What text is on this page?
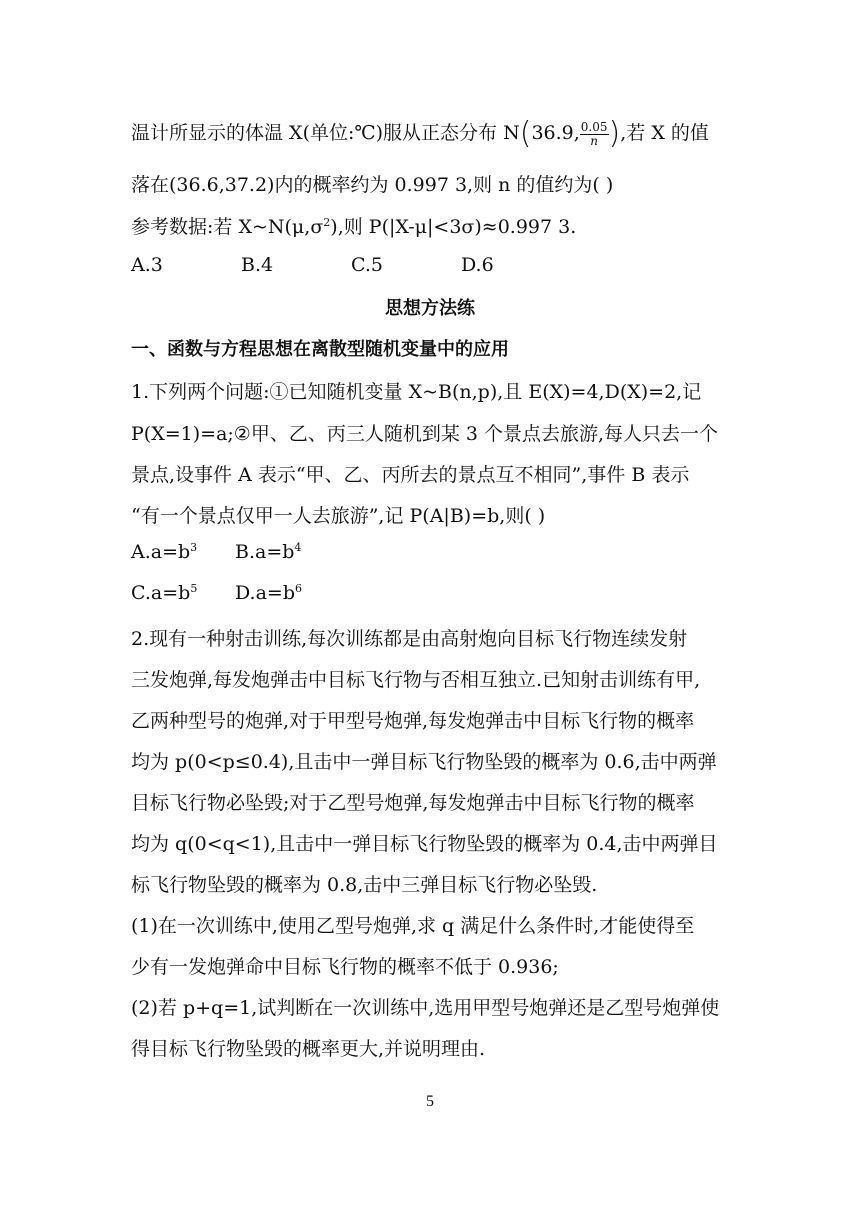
温计所显示的体温 X(单位:℃)服从正态分布 N(36.9, $\frac{0.05}{n}$ ),若 X 的值
落在(36.6,37.2)内的概率约为 0.997 3,则 n 的值约为( )
参考数据:若 $X\sim N(\mu,\sigma^2)$,则 P(|X-μ|<3σ)≈0.997 3.
A.3	B.4	C.5	D.6
思想方法练
一、函数与方程思想在离散型随机变量中的应用
1.下列两个问题:①已知随机变量 X~B(n,p),且 E(X)=4,D(X)=2,记
P(X=1)=a;②甲、乙、丙三人随机到某 3 个景点去旅游,每人只去一个
景点,设事件 A 表示“甲、乙、丙所去的景点互不相同”,事件 B 表示
“有一个景点仅甲一人去旅游”,记 P(A|B)=b,则( )
$A.a=b^3$ $B.a=b^4$
$C.a=b^5$ $D.a=b^6$
2.现有一种射击训练,每次训练都是由高射炮向目标飞行物连续发射
三发炮弹,每发炮弹击中目标飞行物与否相互独立.已知射击训练有甲,
乙两种型号的炮弹,对于甲型号炮弹,每发炮弹击中目标飞行物的概率
均为 p(0<p≤0.4),且击中一弹目标飞行物坠毁的概率为 0.6,击中两弹
目标飞行物必坠毁;对于乙型号炮弹,每发炮弹击中目标飞行物的概率
均为 q(0<q<1),且击中一弹目标飞行物坠毁的概率为 0.4,击中两弹目
标飞行物坠毁的概率为 0.8,击中三弹目标飞行物必坠毁.
(1)在一次训练中,使用乙型号炮弹,求 q 满足什么条件时,才能使得至
少有一发炮弹命中目标飞行物的概率不低于 0.936;
(2)若 p+q=1,试判断在一次训练中,选用甲型号炮弹还是乙型号炮弹使
得目标飞行物坠毁的概率更大,并说明理由.
5
